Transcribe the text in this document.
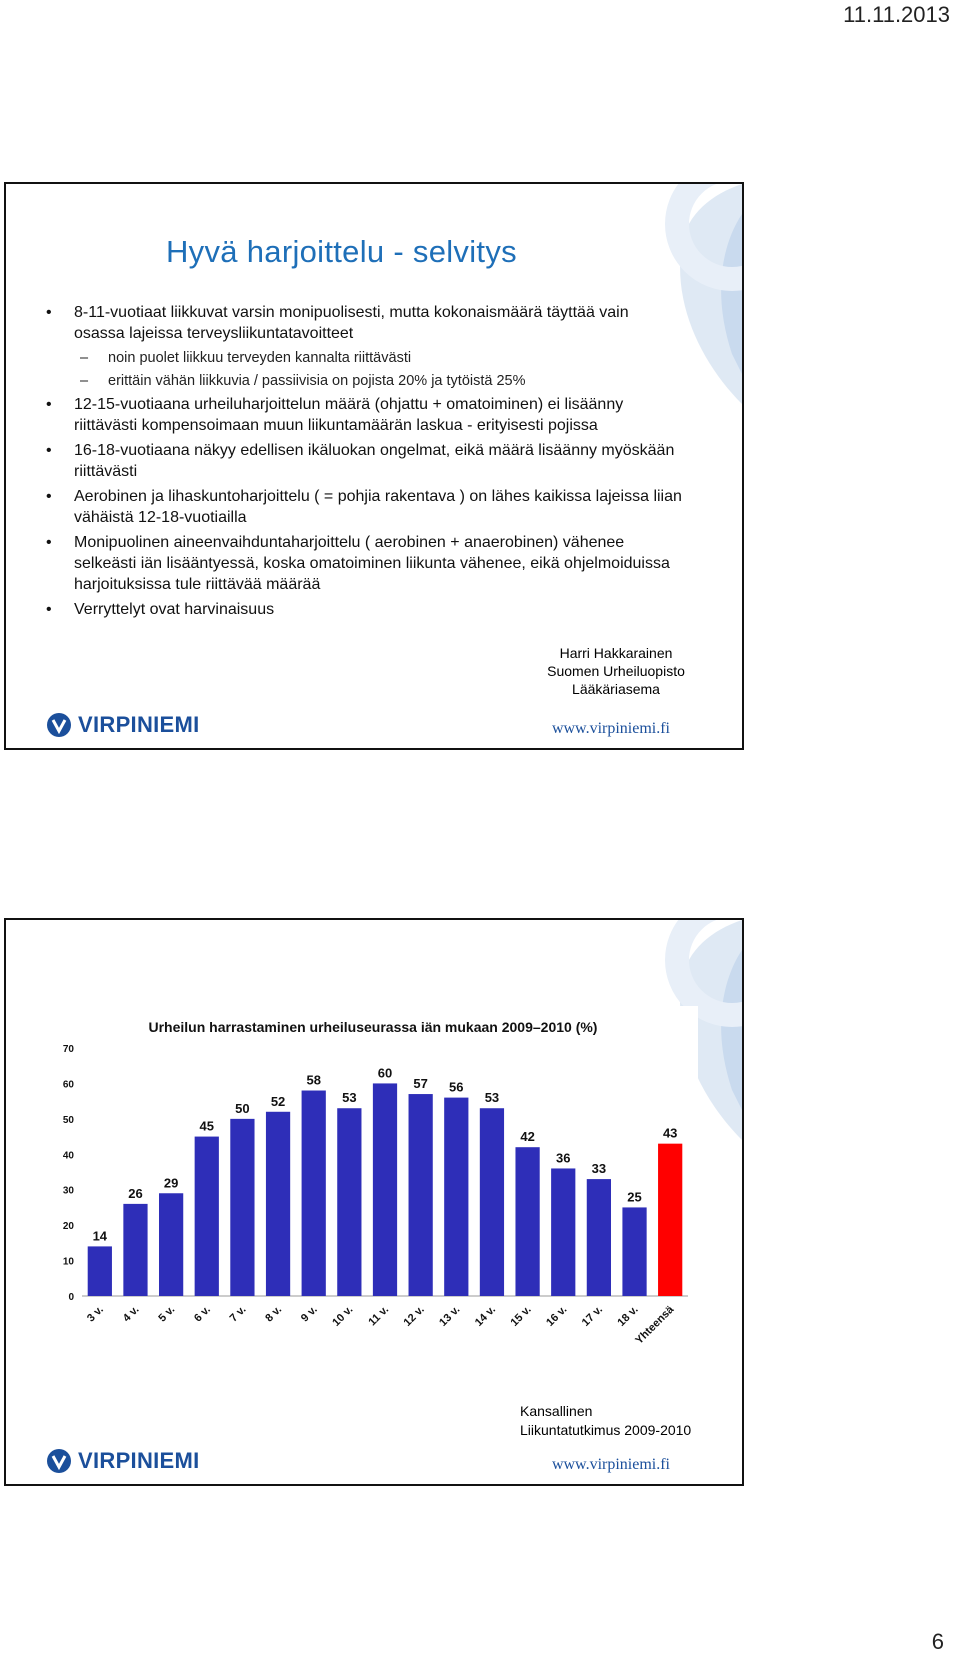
11.11.2013
Hyvä harjoittelu - selvitys
• 8-11-vuotiaat liikkuvat varsin monipuolisesti, mutta kokonaismäärä täyttää vain osassa lajeissa terveysliikuntatavoitteet
– noin puolet liikkuu terveyden kannalta riittävästi
– erittäin vähän liikkuvia / passiivisia on pojista 20% ja tytöistä 25%
• 12-15-vuotiaana urheiluharjoittelun määrä (ohjattu + omatoiminen) ei lisäänny riittävästi kompensoimaan muun liikuntamäärän laskua - erityisesti pojissa
• 16-18-vuotiaana näkyy edellisen ikäluokan ongelmat, eikä määrä lisäänny myöskään riittävästi
• Aerobinen ja lihaskuntoharjoittelu ( = pohjia rakentava ) on lähes kaikissa lajeissa liian vähäistä 12-18-vuotiailla
• Monipuolinen aineenvaihduntaharjoittelu ( aerobinen + anaerobinen) vähenee selkeästi iän lisääntyessä, koska omatoiminen liikunta vähenee, eikä ohjelmoiduissa harjoituksissa tule riittävää määrää
• Verryttelyt ovat harvinaisuus
Harri Hakkarainen
Suomen Urheiluopisto
Lääkäriasema
VIRPINIEMI	www.virpiniemi.fi
Urheilun harrastaminen urheiluseurassa iän mukaan 2009–2010 (%)
0
10
20
30
40
50
60
70
14
3 v.
26
4 v.
29
5 v.
45
6 v.
50
7 v.
52
8 v.
58
9 v.
53
10 v.
60
11 v.
57
12 v.
56
13 v.
53
14 v.
42
15 v.
36
16 v.
33
17 v.
25
18 v.
43
Yhteensä
Kansallinen
Liikuntatutkimus 2009-2010
VIRPINIEMI	www.virpiniemi.fi
6
